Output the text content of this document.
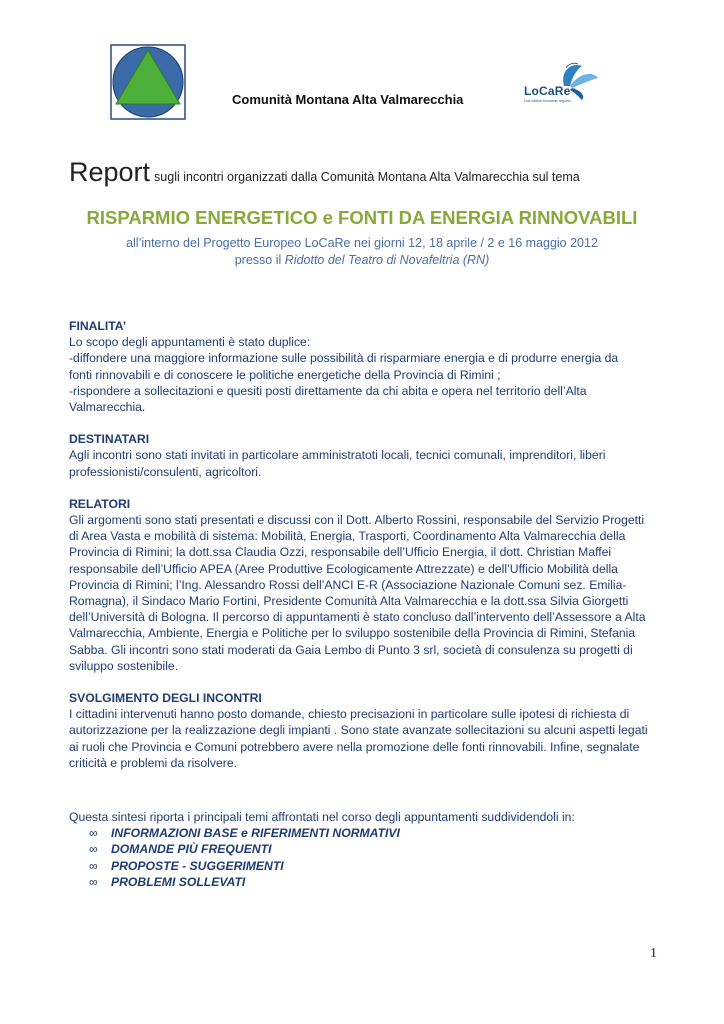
Comunità Montana Alta Valmarecchia
LoCaRe
Low carbon economic regions
Report sugli incontri organizzati dalla Comunità Montana Alta Valmarecchia sul tema
RISPARMIO ENERGETICO e FONTI DA ENERGIA RINNOVABILI
all’interno del Progetto Europeo LoCaRe nei giorni 12, 18 aprile / 2 e 16 maggio 2012
presso il Ridotto del Teatro di Novafeltria (RN)
FINALITA’
Lo scopo degli appuntamenti è stato duplice:
-diffondere una maggiore informazione sulle possibilità di risparmiare energia e di produrre energia da
fonti rinnovabili e di conoscere le politiche energetiche della Provincia di Rimini ;
-rispondere a sollecitazioni e quesiti posti direttamente da chi abita e opera nel territorio dell’Alta
Valmarecchia.
DESTINATARI
Agli incontri sono stati invitati in particolare amministratoti locali, tecnici comunali, imprenditori, liberi
professionisti/consulenti, agricoltori.
RELATORI
Gli argomenti sono stati presentati e discussi con il Dott. Alberto Rossini, responsabile del Servizio Progetti
di Area Vasta e mobilità di sistema: Mobilità, Energia, Trasporti, Coordinamento Alta Valmarecchia della
Provincia di Rimini; la dott.ssa Claudia Ozzi, responsabile dell’Ufficio Energia, il dott. Christian Maffei
responsabile dell’Ufficio APEA (Aree Produttive Ecologicamente Attrezzate) e dell’Ufficio Mobilità della
Provincia di Rimini; l’Ing. Alessandro Rossi dell’ANCI E-R (Associazione Nazionale Comuni sez. Emilia-
Romagna), il Sindaco Mario Fortini, Presidente Comunità Alta Valmarecchia e la dott.ssa Silvia Giorgetti
dell’Università di Bologna. Il percorso di appuntamenti è stato concluso dall’intervento dell’Assessore a Alta
Valmarecchia, Ambiente, Energia e Politiche per lo sviluppo sostenibile della Provincia di Rimini, Stefania
Sabba. Gli incontri sono stati moderati da Gaia Lembo di Punto 3 srl, società di consulenza su progetti di
sviluppo sostenibile.
SVOLGIMENTO DEGLI INCONTRI
I cittadini intervenuti hanno posto domande, chiesto precisazioni in particolare sulle ipotesi di richiesta di
autorizzazione per la realizzazione degli impianti . Sono state avanzate sollecitazioni su alcuni aspetti legati
ai ruoli che Provincia e Comuni potrebbero avere nella promozione delle fonti rinnovabili. Infine, segnalate
criticità e problemi da risolvere.
Questa sintesi riporta i principali temi affrontati nel corso degli appuntamenti suddividendoli in:
∞	INFORMAZIONI BASE e RIFERIMENTI NORMATIVI
∞	DOMANDE PIÙ FREQUENTI
∞	PROPOSTE - SUGGERIMENTI
∞	PROBLEMI SOLLEVATI
1
